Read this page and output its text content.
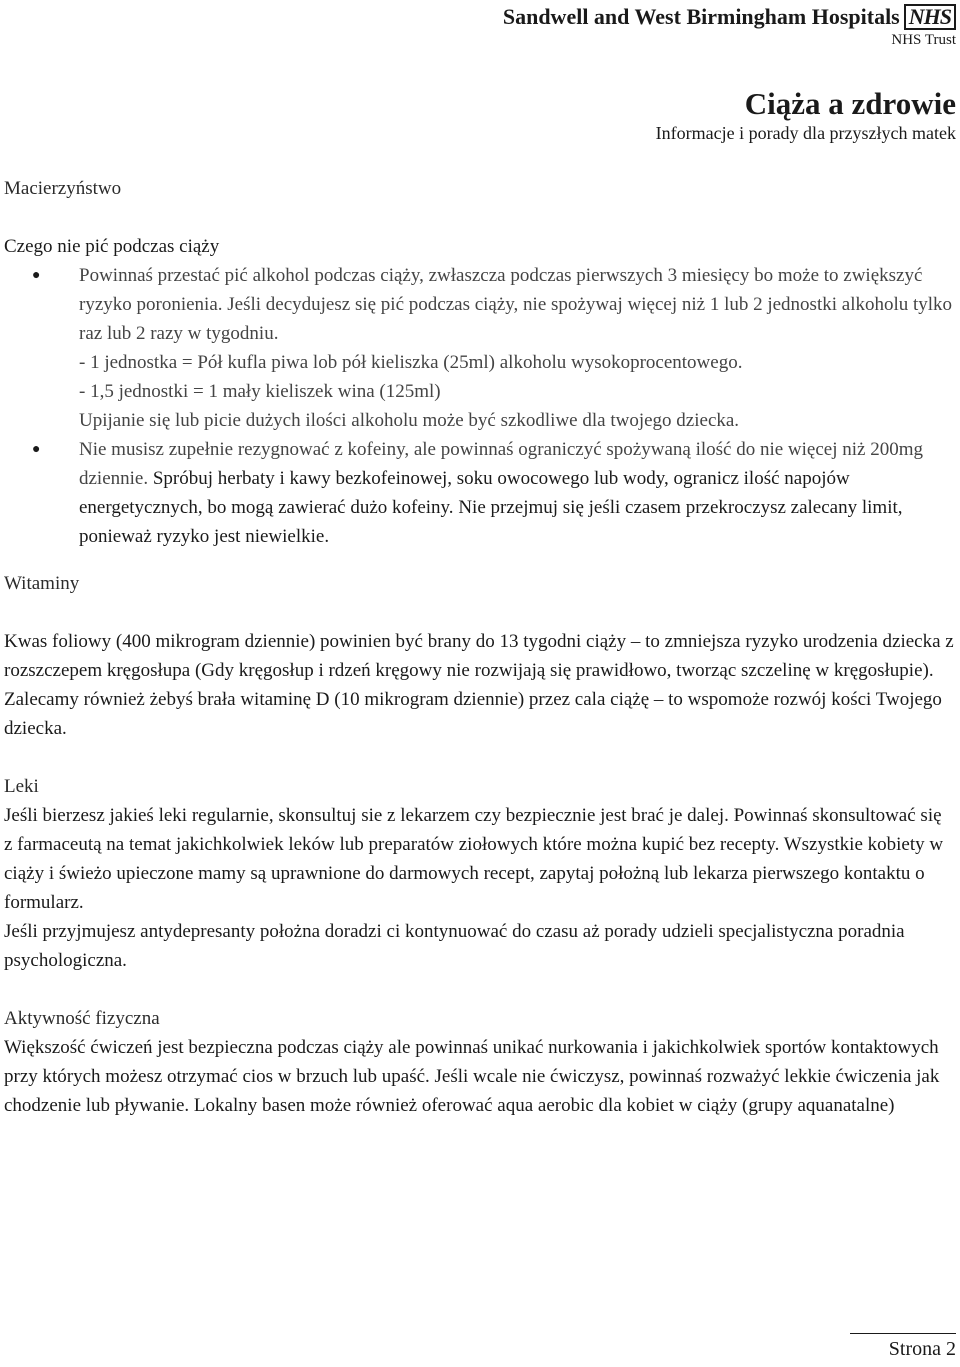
Sandwell and West Birmingham Hospitals NHS
NHS Trust
Ciąża a zdrowie
Informacje i porady dla przyszłych matek

Macierzyństwo

Czego nie pić podczas ciąży

● Powinnaś przestać pić alkohol podczas ciąży, zwłaszcza podczas pierwszych 3 miesięcy bo może to zwiększyć ryzyko poronienia. Jeśli decydujesz się pić podczas ciąży, nie spożywaj więcej niż 1 lub 2 jednostki alkoholu tylko raz lub 2 razy w tygodniu.

- 1 jednostka = Pół kufla piwa lob pół kieliszka (25ml) alkoholu wysokoprocentowego.

- 1,5 jednostki = 1 mały kieliszek wina (125ml)

Upijanie się lub picie dużych ilości alkoholu może być szkodliwe dla twojego dziecka.

● Nie musisz zupełnie rezygnować z kofeiny, ale powinnaś ograniczyć spożywaną ilość do nie więcej niż 200mg dziennie. Spróbuj herbaty i kawy bezkofeinowej, soku owocowego lub wody, ogranicz ilość napojów energetycznych, bo mogą zawierać dużo kofeiny. Nie przejmuj się jeśli czasem przekroczysz zalecany limit, ponieważ ryzyko jest niewielkie.

Witaminy

Kwas foliowy (400 mikrogram dziennie) powinien być brany do 13 tygodni ciąży – to zmniejsza ryzyko urodzenia dziecka z rozszczepem kręgosłupa (Gdy kręgosłup i rdzeń kręgowy nie rozwijają się prawidłowo, tworząc szczelinę w kręgosłupie).

Zalecamy również żebyś brała witaminę D (10 mikrogram dziennie) przez cala ciążę – to wspomoże rozwój kości Twojego dziecka.

Leki

Jeśli bierzesz jakieś leki regularnie, skonsultuj sie z lekarzem czy bezpiecznie jest brać je dalej. Powinnaś skonsultować się z farmaceutą na temat jakichkolwiek leków lub preparatów ziołowych które można kupić bez recepty. Wszystkie kobiety w ciąży i świeżo upieczone mamy są uprawnione do darmowych recept, zapytaj położną lub lekarza pierwszego kontaktu o formularz.

Jeśli przyjmujesz antydepresanty położna doradzi ci kontynuować do czasu aż porady udzieli specjalistyczna poradnia psychologiczna.

Aktywność fizyczna

Większość ćwiczeń jest bezpieczna podczas ciąży ale powinnaś unikać nurkowania i jakichkolwiek sportów kontaktowych przy których możesz otrzymać cios w brzuch lub upaść. Jeśli wcale nie ćwiczysz, powinnaś rozważyć lekkie ćwiczenia jak chodzenie lub pływanie. Lokalny basen może również oferować aqua aerobic dla kobiet w ciąży (grupy aquanatalne)

Strona 2
